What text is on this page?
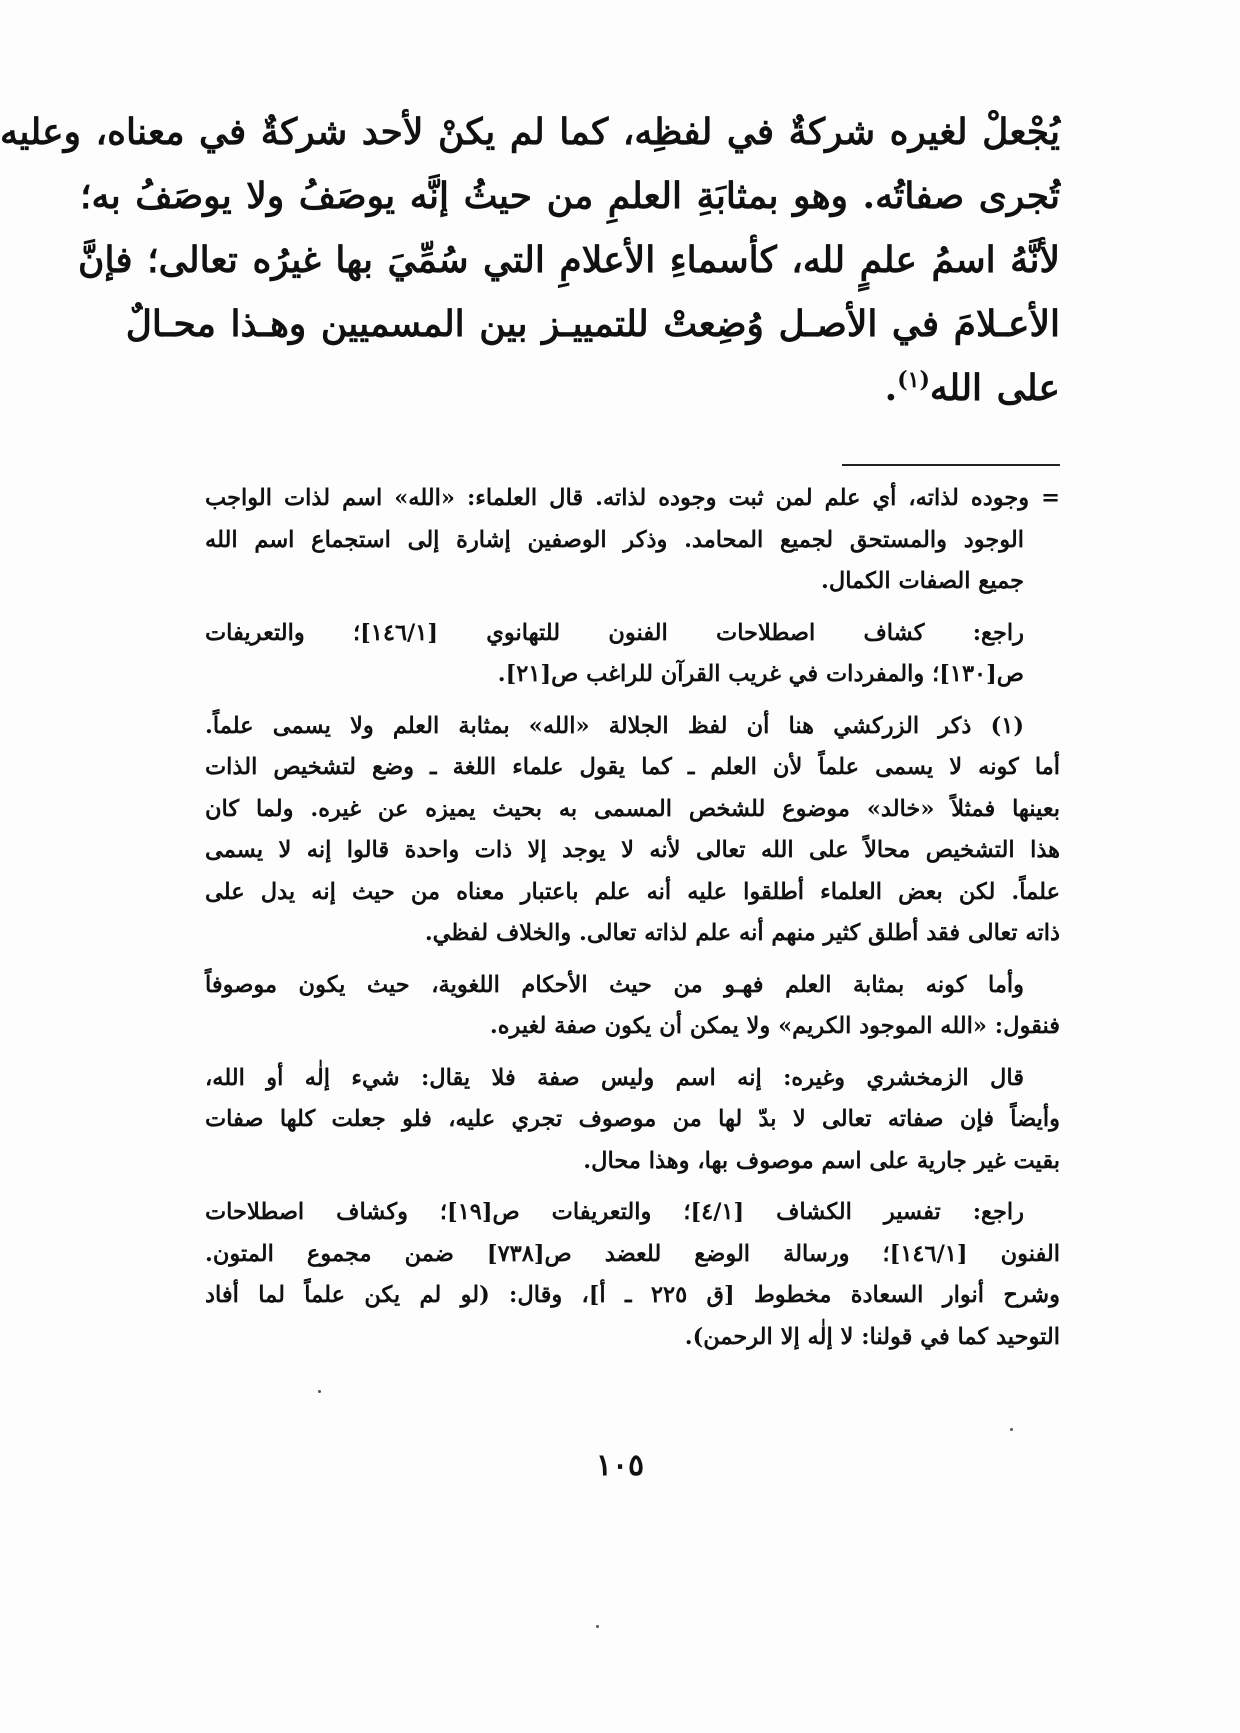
يُجْعلْ لغيره شركةٌ في لفظِه، كما لم يكنْ لأحد شركةٌ في معناه، وعليه
تُجرى صفاتُه. وهو بمثابَةِ العلمِ من حيثُ إنَّه يوصَفُ ولا يوصَفُ به؛
لأنَّهُ اسمُ علمٍ لله، كأسماءِ الأعلامِ التي سُمِّيَ بها غيرُه تعالى؛ فإنَّ
الأعـلامَ في الأصـل وُضِعتْ للتمييـز بين المسميين وهـذا محـالٌ
على الله$^{(١)}$.
= وجوده لذاته، أي علم لمن ثبت وجوده لذاته. قال العلماء: «الله» اسم لذات الواجب
الوجود والمستحق لجميع المحامد. وذكر الوصفين إشارة إلى استجماع اسم الله
جميع الصفات الكمال.
راجع: كشاف اصطلاحات الفنون للتهانوي [١٤٦/١]؛ والتعريفات
ص[١٣٠]؛ والمفردات في غريب القرآن للراغب ص[٢١].
(١) ذكر الزركشي هنا أن لفظ الجلالة «الله» بمثابة العلم ولا يسمى علماً.
أما كونه لا يسمى علماً لأن العلم ـ كما يقول علماء اللغة ـ وضع لتشخيص الذات
بعينها فمثلاً «خالد» موضوع للشخص المسمى به بحيث يميزه عن غيره. ولما كان
هذا التشخيص محالاً على الله تعالى لأنه لا يوجد إلا ذات واحدة قالوا إنه لا يسمى
علماً. لكن بعض العلماء أطلقوا عليه أنه علم باعتبار معناه من حيث إنه يدل على
ذاته تعالى فقد أطلق كثير منهم أنه علم لذاته تعالى. والخلاف لفظي.
وأما كونه بمثابة العلم فهـو من حيث الأحكام اللغوية، حيث يكون موصوفاً
فنقول: «الله الموجود الكريم» ولا يمكن أن يكون صفة لغيره.
قال الزمخشري وغيره: إنه اسم وليس صفة فلا يقال: شيء إلٰه أو الله،
وأيضاً فإن صفاته تعالى لا بدّ لها من موصوف تجري عليه، فلو جعلت كلها صفات
بقيت غير جارية على اسم موصوف بها، وهذا محال.
راجع: تفسير الكشاف [٤/١]؛ والتعريفات ص[١٩]؛ وكشاف اصطلاحات
الفنون [١٤٦/١]؛ ورسالة الوضع للعضد ص[٧٣٨] ضمن مجموع المتون.
وشرح أنوار السعادة مخطوط [ق ٢٢٥ ـ أ]، وقال: (لو لم يكن علماً لما أفاد
التوحيد كما في قولنا: لا إلٰه إلا الرحمن).
١٠٥
